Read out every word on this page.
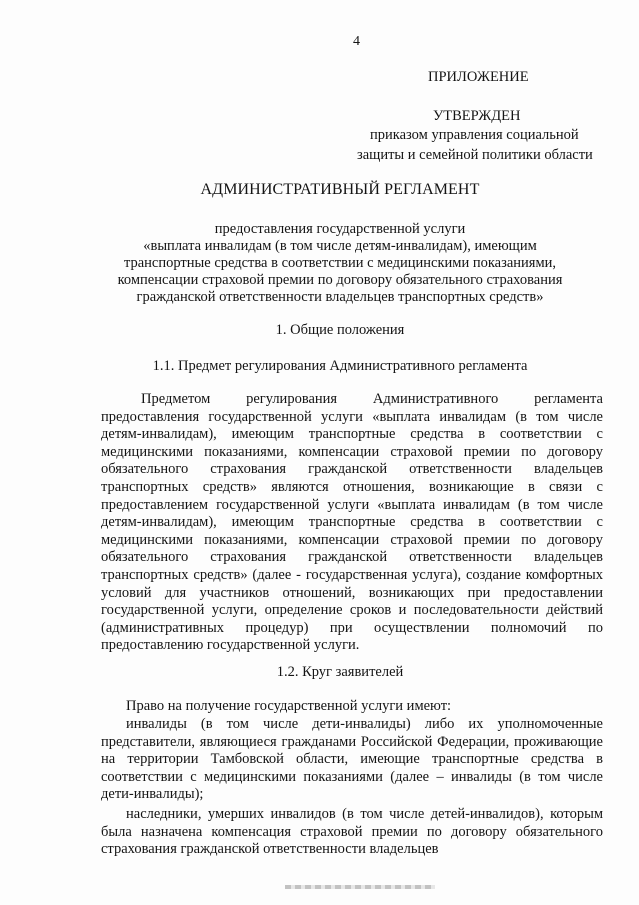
4
ПРИЛОЖЕНИЕ
УТВЕРЖДЕН
приказом управления социальной
защиты и семейной политики области
АДМИНИСТРАТИВНЫЙ РЕГЛАМЕНТ
предоставления государственной услуги
«выплата инвалидам (в том числе детям-инвалидам), имеющим
транспортные средства в соответствии с медицинскими показаниями,
компенсации страховой премии по договору обязательного страхования
гражданской ответственности владельцев транспортных средств»
1. Общие положения
1.1. Предмет регулирования Административного регламента
Предметом регулирования Административного регламента предоставления государственной услуги «выплата инвалидам (в том числе детям-инвалидам), имеющим транспортные средства в соответствии с медицинскими показаниями, компенсации страховой премии по договору обязательного страхования гражданской ответственности владельцев транспортных средств» являются отношения, возникающие в связи с предоставлением государственной услуги «выплата инвалидам (в том числе детям-инвалидам), имеющим транспортные средства в соответствии с медицинскими показаниями, компенсации страховой премии по договору обязательного страхования гражданской ответственности владельцев транспортных средств» (далее - государственная услуга), создание комфортных условий для участников отношений, возникающих при предоставлении государственной услуги, определение сроков и последовательности действий (административных процедур) при осуществлении полномочий по предоставлению государственной услуги.
1.2. Круг заявителей
Право на получение государственной услуги имеют:
инвалиды (в том числе дети-инвалиды) либо их уполномоченные представители, являющиеся гражданами Российской Федерации, проживающие на территории Тамбовской области, имеющие транспортные средства в соответствии с медицинскими показаниями (далее – инвалиды (в том числе дети-инвалиды);
наследники, умерших инвалидов (в том числе детей-инвалидов), которым была назначена компенсация страховой премии по договору обязательного страхования гражданской ответственности владельцев
